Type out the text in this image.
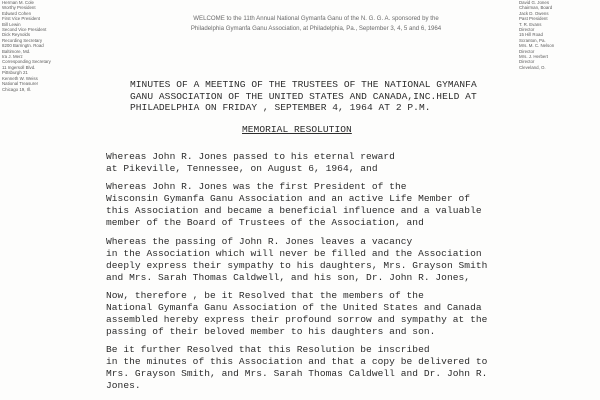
Herman M. Cole
Worthy President
Edward Cohen
First Vice President
Bill Lewin
Second Vice President
Dick Reynolds
Recording Secretary
8200 Barringtn. Road
Baltimore, Md.
Ira J. Merz
Corresponding Secretary
11 Ingersoll Blvd.
Pittsburgh 21
Kenneth W. Weiss
National Treasurer
Chicago 19, Ill.
WELCOME to the 11th Annual National Gymanfa Ganu of the N. G. G. A. sponsored by the
Philadelphia Gymanfa Ganu Association, at Philadelphia, Pa., September 3, 4, 5 and 6, 1964
David G. Jones
Chairman, Board
Jack D. Owens
Past President
T. R. Evans
Director
15 Hill Road
Scranton, Pa.
Mrs. M. C. Nelson
Director
Mrs. J. Herbert
Director
Cleveland, O.
MINUTES OF A MEETING OF THE TRUSTEES OF THE NATIONAL GYMANFA
GANU ASSOCIATION OF THE UNITED STATES AND CANADA,INC.HELD AT
PHILADELPHIA ON FRIDAY , SEPTEMBER 4, 1964 AT 2 P.M.
MEMORIAL RESOLUTION
Whereas John R. Jones passed to his eternal reward
at Pikeville, Tennessee, on August 6, 1964, and
Whereas John R. Jones was the first President of the
Wisconsin Gymanfa Ganu Association and an active Life Member of
this Association and became a beneficial influence and a valuable
member of the Board of Trustees of the Association, and
Whereas the passing of John R. Jones leaves a vacancy
in the Association which will never be filled and the Association
deeply express their sympathy to his daughters, Mrs. Grayson Smith
and Mrs. Sarah Thomas Caldwell, and his son, Dr. John R. Jones,
Now, therefore , be it Resolved that the members of the
National Gymanfa Ganu Association of the United States and Canada
assembled hereby express their profound sorrow and sympathy at the
passing of their beloved member to his daughters and son.
Be it further Resolved that this Resolution be inscribed
in the minutes of this Association and that a copy be delivered to
Mrs. Grayson Smith, and Mrs. Sarah Thomas Caldwell and Dr. John R.
Jones.
